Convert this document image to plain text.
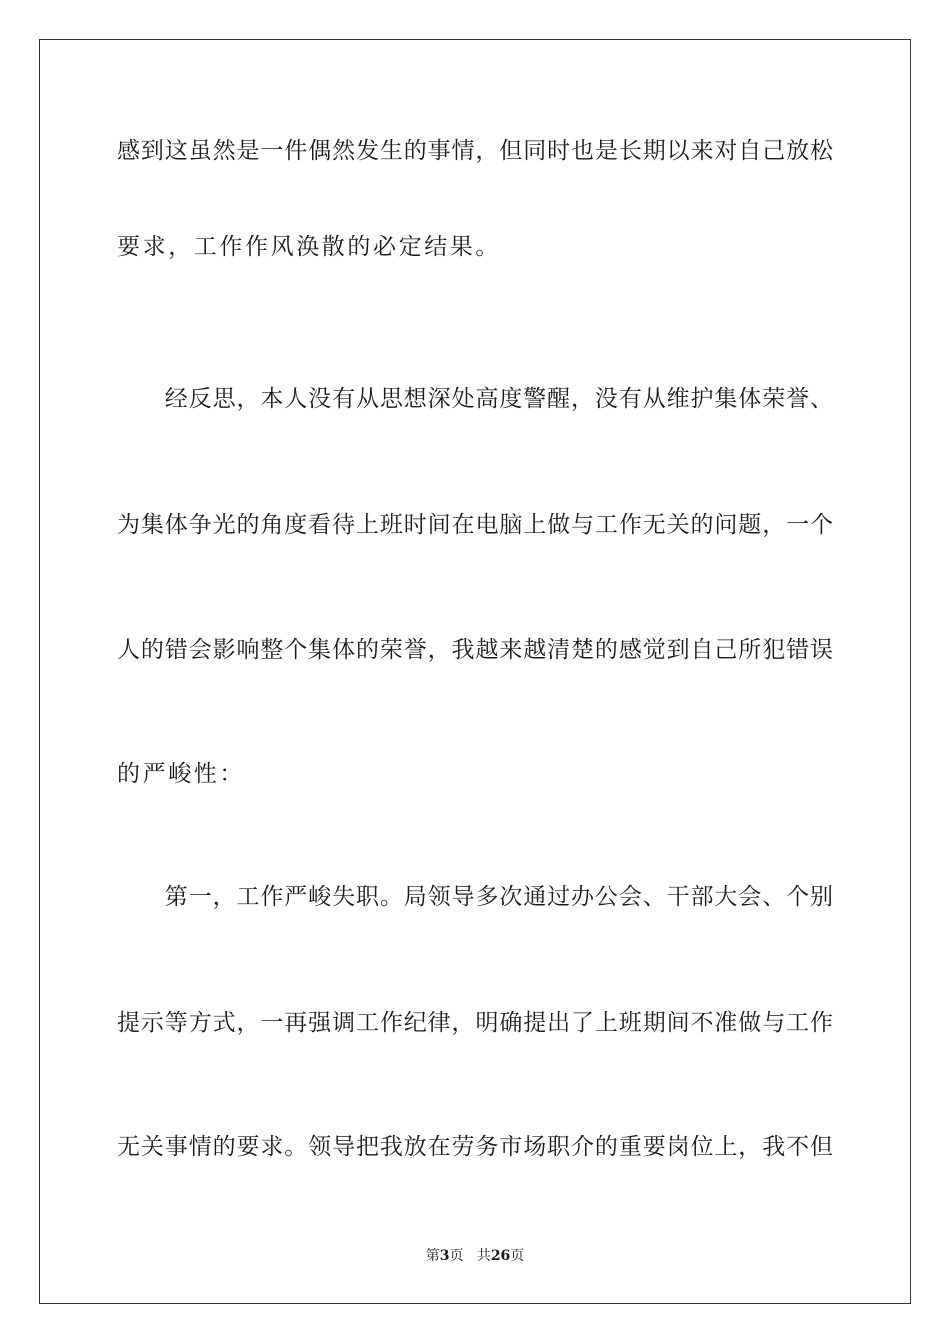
感到这虽然是一件偶然发生的事情，但同时也是长期以来对自己放松
要求，工作作风涣散的必定结果。
　　经反思，本人没有从思想深处高度警醒，没有从维护集体荣誉、
为集体争光的角度看待上班时间在电脑上做与工作无关的问题，一个
人的错会影响整个集体的荣誉，我越来越清楚的感觉到自己所犯错误
的严峻性：
　　第一，工作严峻失职。局领导多次通过办公会、干部大会、个别
提示等方式，一再强调工作纪律，明确提出了上班期间不准做与工作
无关事情的要求。领导把我放在劳务市场职介的重要岗位上，我不但
第3页 共26页
